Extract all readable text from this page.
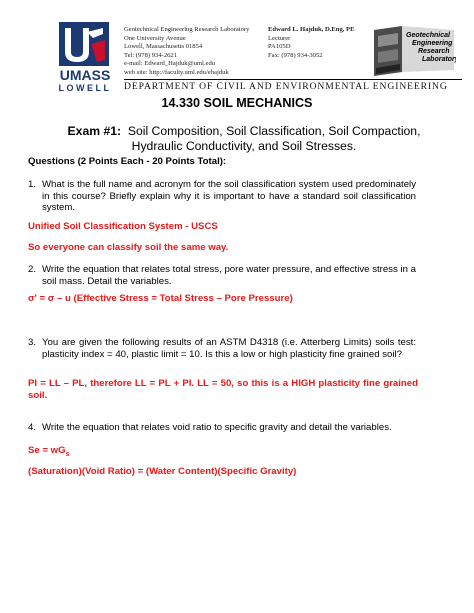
UMASS
LOWELL
Geotechnical Engineering Research Laboratory
One University Avenue
Lowell, Massachusetts 01854
Tel: (978) 934-2621
e-mail: Edward_Hajduk@uml.edu
web site: http://faculty.uml.edu/ehajduk
Edward L. Hajduk, D.Eng, PE
Lecturer
PA105D
Fax: (978) 934-3052
Geotechnical
Engineering
Research
Laboratory
DEPARTMENT OF CIVIL AND ENVIRONMENTAL ENGINEERING
14.330 SOIL MECHANICS
Exam #1: Soil Composition, Soil Classification, Soil Compaction, Hydraulic Conductivity, and Soil Stresses.
Questions (2 Points Each - 20 Points Total):
1. What is the full name and acronym for the soil classification system used predominately in this course? Briefly explain why it is important to have a standard soil classification system.
Unified Soil Classification System - USCS
So everyone can classify soil the same way.
2. Write the equation that relates total stress, pore water pressure, and effective stress in a soil mass. Detail the variables.
σ' = σ – u (Effective Stress = Total Stress – Pore Pressure)
3. You are given the following results of an ASTM D4318 (i.e. Atterberg Limits) soils test: plasticity index = 40, plastic limit = 10. Is this a low or high plasticity fine grained soil?
PI = LL – PL, therefore LL = PL + PI. LL = 50, so this is a HIGH plasticity fine grained soil.
4. Write the equation that relates void ratio to specific gravity and detail the variables.
$Se = wG_s$
(Saturation)(Void Ratio) = (Water Content)(Specific Gravity)
